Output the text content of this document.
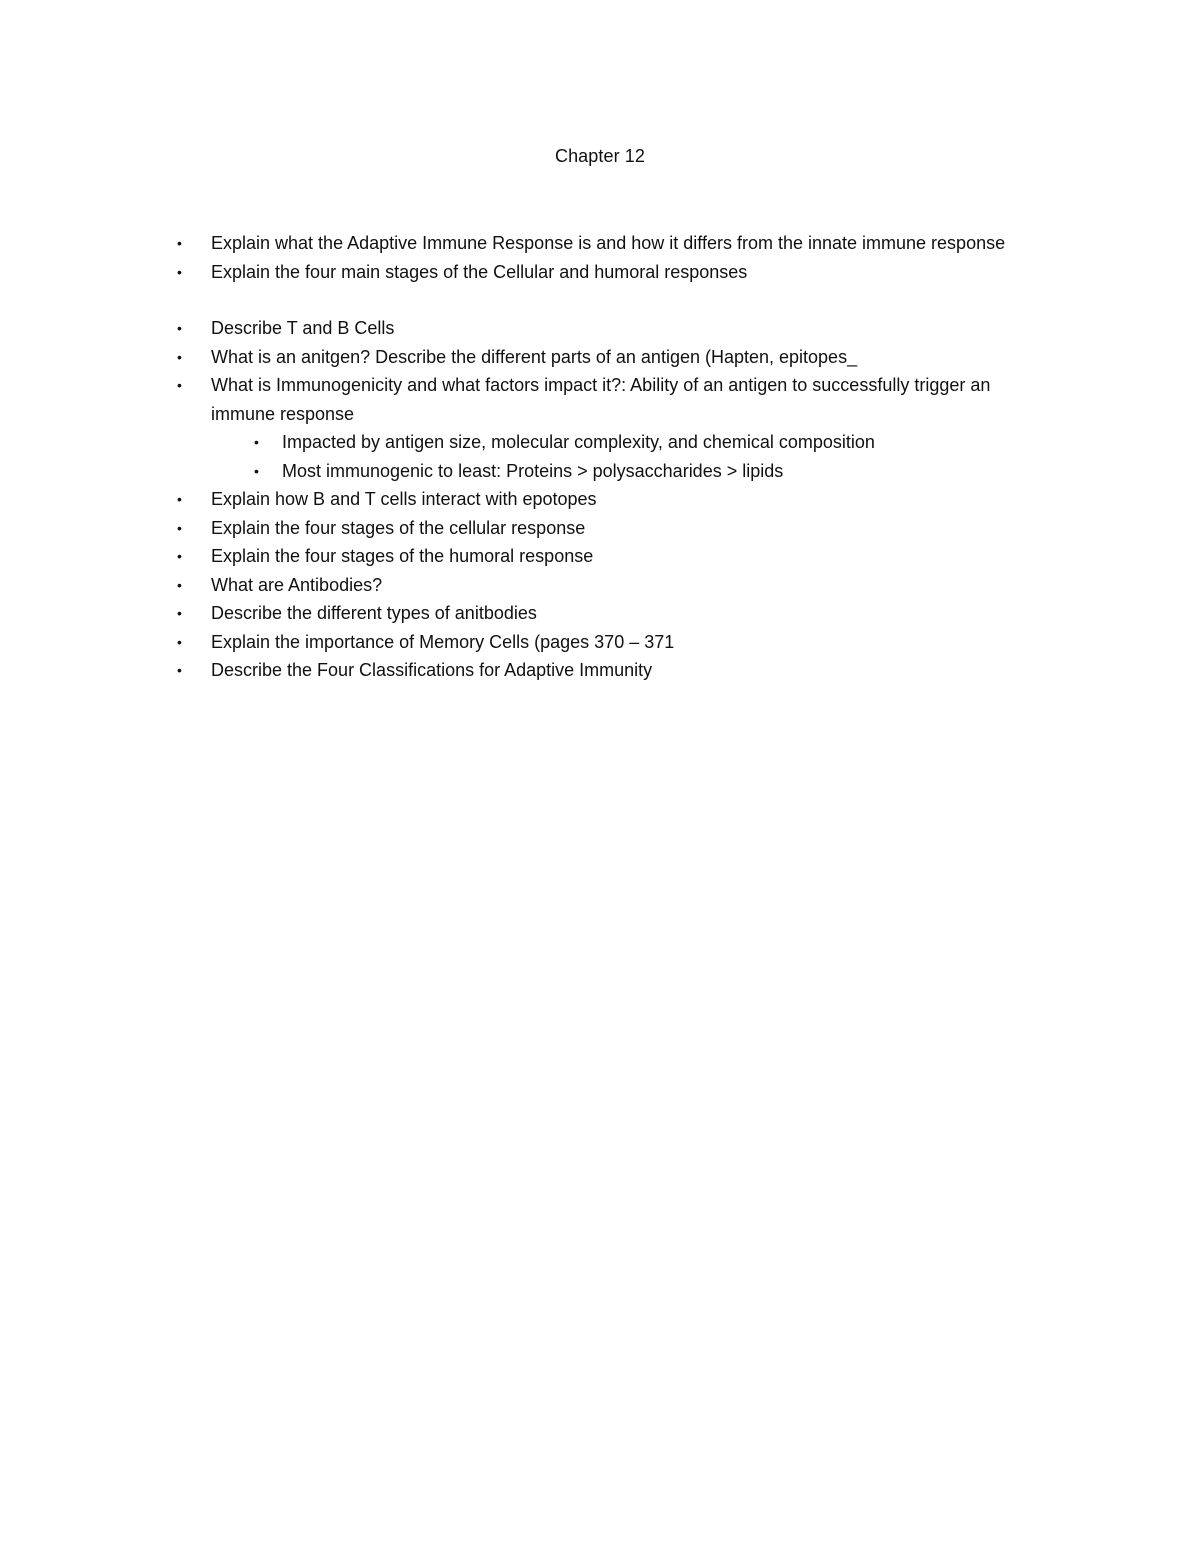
Chapter 12
• Explain what the Adaptive Immune Response is and how it differs from the innate immune response
• Explain the four main stages of the Cellular and humoral responses
• Describe T and B Cells
• What is an anitgen? Describe the different parts of an antigen (Hapten, epitopes_
• What is Immunogenicity and what factors impact it?: Ability of an antigen to successfully trigger an immune response
• Impacted by antigen size, molecular complexity, and chemical composition
• Most immunogenic to least: Proteins > polysaccharides > lipids
• Explain how B and T cells interact with epotopes
• Explain the four stages of the cellular response
• Explain the four stages of the humoral response
• What are Antibodies?
• Describe the different types of anitbodies
• Explain the importance of Memory Cells (pages 370 – 371
• Describe the Four Classifications for Adaptive Immunity
